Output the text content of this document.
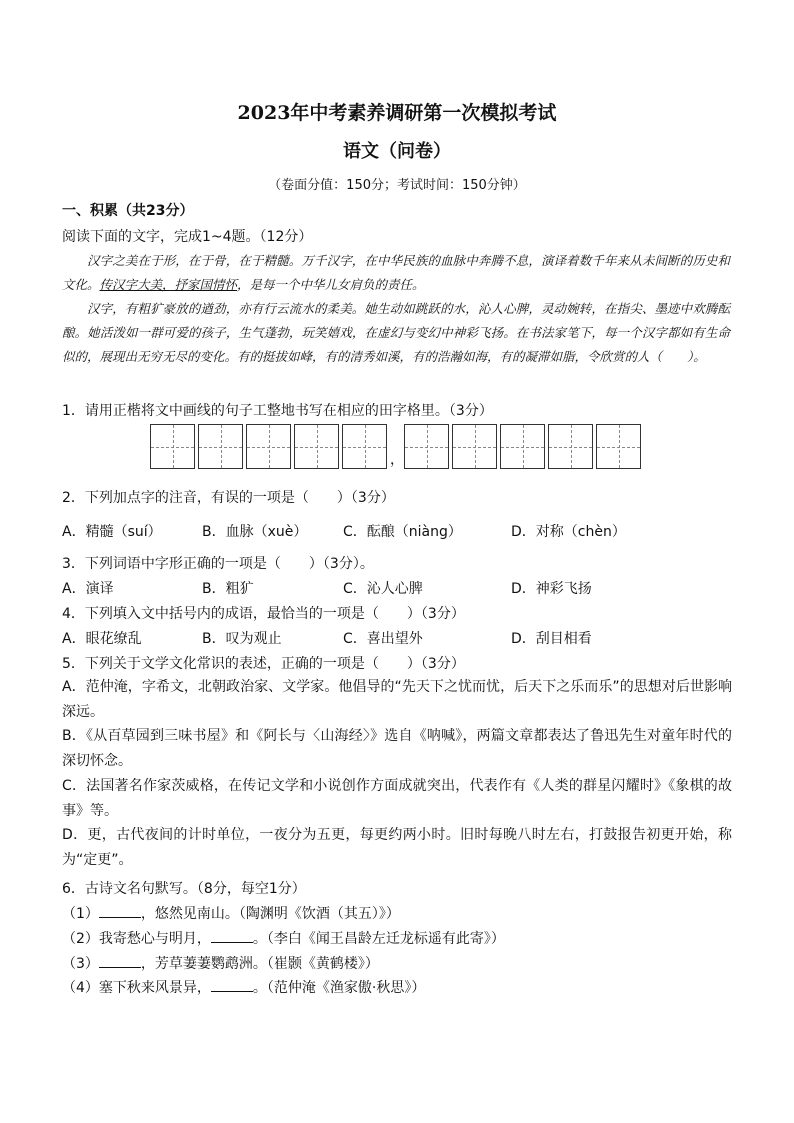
2023年中考素养调研第一次模拟考试
语文（问卷）
（卷面分值：150分；考试时间：150分钟）
一、积累（共23分）
阅读下面的文字，完成1~4题。（12分）

汉字之美在于形，在于骨，在于精髓。万千汉字，在中华民族的血脉中奔腾不息，演译着数千年来从未间断的历史和文化。传汉字大美，抒家国情怀，是每一个中华儿女肩负的责任。

汉字，有粗犷豪放的遒劲，亦有行云流水的柔美。她生动如跳跃的水，沁人心脾，灵动婉转，在指尖、墨迹中欢腾酝酿。她活泼如一群可爱的孩子，生气蓬勃，玩笑嬉戏，在虚幻与变幻中神彩飞扬。在书法家笔下，每一个汉字都如有生命似的，展现出无穷无尽的变化。有的挺拔如峰，有的清秀如溪，有的浩瀚如海，有的凝滞如脂，令欣赏的人（　　）。

1．请用正楷将文中画线的句子工整地书写在相应的田字格里。（3分）
，
2．下列加点字的注音，有误的一项是（　　）（3分）
A．精髓（suí）	B．血脉（xuè）	C．酝酿（niàng）	D．对称（chèn）
3．下列词语中字形正确的一项是（　　）（3分）。
A．演译	B．粗犷	C．沁人心脾	D．神彩飞扬
4．下列填入文中括号内的成语，最恰当的一项是（　　）（3分）
A．眼花缭乱	B．叹为观止	C．喜出望外	D．刮目相看
5．下列关于文学文化常识的表述，正确的一项是（　　）（3分）
A．范仲淹，字希文，北朝政治家、文学家。他倡导的“先天下之忧而忧，后天下之乐而乐”的思想对后世影响深远。
B．《从百草园到三味书屋》和《阿长与〈山海经〉》选自《呐喊》，两篇文章都表达了鲁迅先生对童年时代的深切怀念。
C．法国著名作家茨威格，在传记文学和小说创作方面成就突出，代表作有《人类的群星闪耀时》《象棋的故事》等。
D．更，古代夜间的计时单位，一夜分为五更，每更约两小时。旧时每晚八时左右，打鼓报告初更开始，称为“定更”。
6．古诗文名句默写。（8分，每空1分）
（1）	，悠然见南山。（陶渊明《饮酒（其五）》）
（2）我寄愁心与明月，	。（李白《闻王昌龄左迁龙标遥有此寄》）
（3）	，芳草萋萋鹦鹉洲。（崔颢《黄鹤楼》）
（4）塞下秋来风景异，	。（范仲淹《渔家傲·秋思》）
